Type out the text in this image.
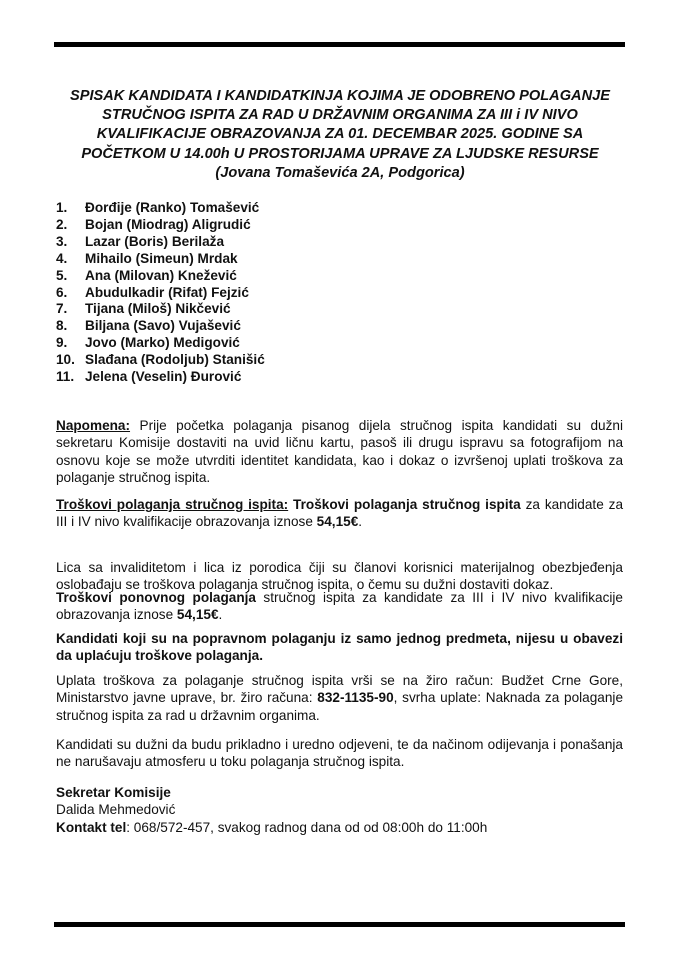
SPISAK KANDIDATA I KANDIDATKINJA KOJIMA JE ODOBRENO POLAGANJE
STRUČNOG ISPITA ZA RAD U DRŽAVNIM ORGANIMA ZA III i IV NIVO
KVALIFIKACIJE OBRAZOVANJA ZA 01. DECEMBAR 2025. GODINE SA
POČETKOM U 14.00h U PROSTORIJAMA UPRAVE ZA LJUDSKE RESURSE
(Jovana Tomaševića 2A, Podgorica)
1.	Đorđije (Ranko) Tomašević
2.	Bojan (Miodrag) Aligrudić
3.	Lazar (Boris) Berilaža
4.	Mihailo (Simeun) Mrdak
5.	Ana (Milovan) Knežević
6.	Abudulkadir (Rifat) Fejzić
7.	Tijana (Miloš) Nikčević
8.	Biljana (Savo) Vujašević
9.	Jovo (Marko) Medigović
10. Slađana (Rodoljub) Stanišić
11. Jelena (Veselin) Đurović

Napomena: Prije početka polaganja pisanog dijela stručnog ispita kandidati su dužni sekretaru Komisije dostaviti na uvid ličnu kartu, pasoš ili drugu ispravu sa fotografijom na osnovu koje se može utvrditi identitet kandidata, kao i dokaz o izvršenoj uplati troškova za polaganje stručnog ispita.

Troškovi polaganja stručnog ispita: Troškovi polaganja stručnog ispita za kandidate za III i IV nivo kvalifikacije obrazovanja iznose 54,15€.

Lica sa invaliditetom i lica iz porodica čiji su članovi korisnici materijalnog obezbjeđenja oslobađaju se troškova polaganja stručnog ispita, o čemu su dužni dostaviti dokaz.

Troškovi ponovnog polaganja stručnog ispita za kandidate za III i IV nivo kvalifikacije obrazovanja iznose 54,15€.

Kandidati koji su na popravnom polaganju iz samo jednog predmeta, nijesu u obavezi da uplaćuju troškove polaganja.

Uplata troškova za polaganje stručnog ispita vrši se na žiro račun: Budžet Crne Gore, Ministarstvo javne uprave, br. žiro računa: 832-1135-90, svrha uplate: Naknada za polaganje stručnog ispita za rad u državnim organima.

Kandidati su dužni da budu prikladno i uredno odjeveni, te da načinom odijevanja i ponašanja ne narušavaju atmosferu u toku polaganja stručnog ispita.

Sekretar Komisije
Dalida Mehmedović
Kontakt tel: 068/572-457, svakog radnog dana od od 08:00h do 11:00h
